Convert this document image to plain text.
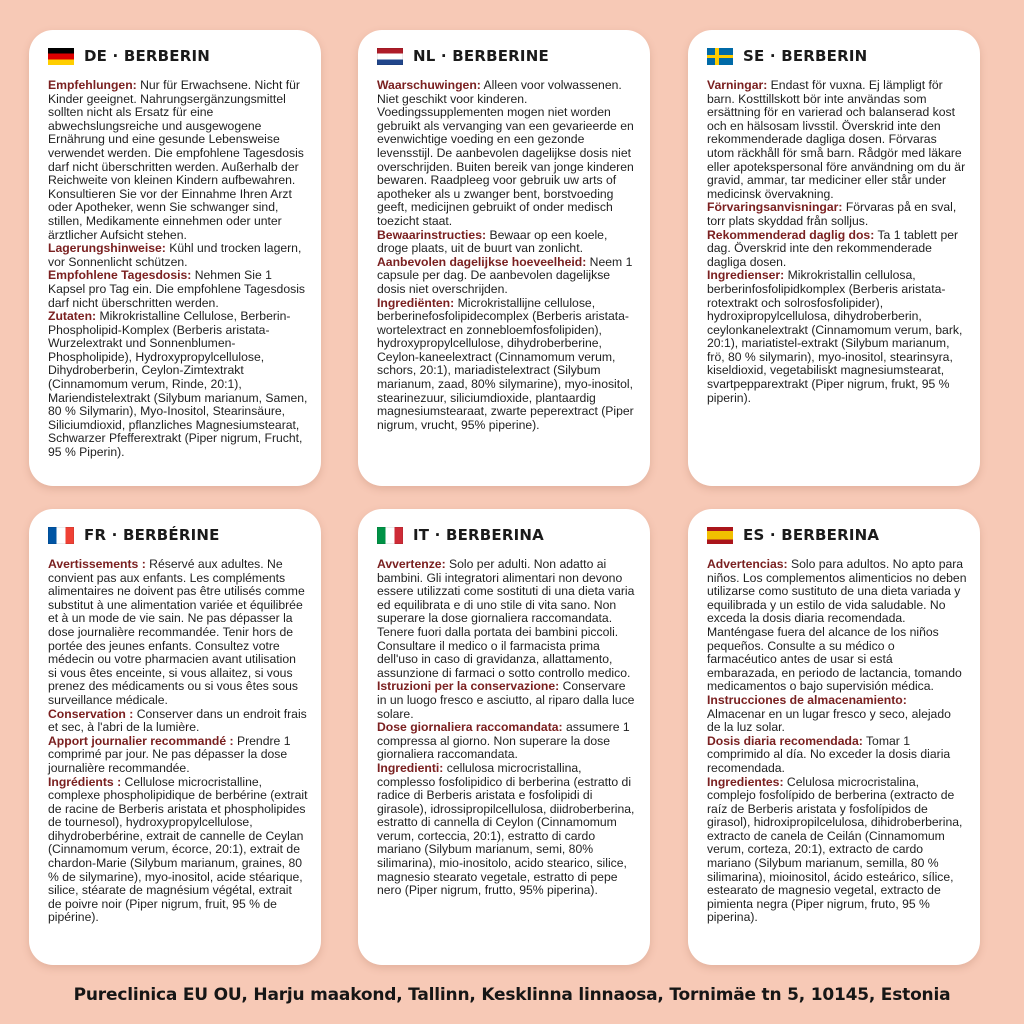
DE · BERBERIN
Empfehlungen: Nur für Erwachsene. Nicht für Kinder geeignet. Nahrungsergänzungsmittel sollten nicht als Ersatz für eine abwechslungsreiche und ausgewogene Ernährung und eine gesunde Lebensweise verwendet werden. Die empfohlene Tagesdosis darf nicht überschritten werden. Außerhalb der Reichweite von kleinen Kindern aufbewahren. Konsultieren Sie vor der Einnahme Ihren Arzt oder Apotheker, wenn Sie schwanger sind, stillen, Medikamente einnehmen oder unter ärztlicher Aufsicht stehen.
Lagerungshinweise: Kühl und trocken lagern, vor Sonnenlicht schützen.
Empfohlene Tagesdosis: Nehmen Sie 1 Kapsel pro Tag ein. Die empfohlene Tagesdosis darf nicht überschritten werden.
Zutaten: Mikrokristalline Cellulose, Berberin-Phospholipid-Komplex (Berberis aristata-Wurzelextrakt und Sonnenblumen-Phospholipide), Hydroxypropylcellulose, Dihydroberberin, Ceylon-Zimtextrakt (Cinnamomum verum, Rinde, 20:1), Mariendistelextrakt (Silybum marianum, Samen, 80 % Silymarin), Myo-Inositol, Stearinsäure, Siliciumdioxid, pflanzliches Magnesiumstearat, Schwarzer Pfefferextrakt (Piper nigrum, Frucht, 95 % Piperin).
NL · BERBERINE
Waarschuwingen: Alleen voor volwassenen. Niet geschikt voor kinderen. Voedingssupplementen mogen niet worden gebruikt als vervanging van een gevarieerde en evenwichtige voeding en een gezonde levensstijl. De aanbevolen dagelijkse dosis niet overschrijden. Buiten bereik van jonge kinderen bewaren. Raadpleeg voor gebruik uw arts of apotheker als u zwanger bent, borstvoeding geeft, medicijnen gebruikt of onder medisch toezicht staat.
Bewaarinstructies: Bewaar op een koele, droge plaats, uit de buurt van zonlicht.
Aanbevolen dagelijkse hoeveelheid: Neem 1 capsule per dag. De aanbevolen dagelijkse dosis niet overschrijden.
Ingrediënten: Microkristallijne cellulose, berberinefosfolipidecomplex (Berberis aristata-wortelextract en zonnebloemfosfolipiden), hydroxypropylcellulose, dihydroberberine, Ceylon-kaneelextract (Cinnamomum verum, schors, 20:1), mariadistelextract (Silybum marianum, zaad, 80% silymarine), myo-inositol, stearinezuur, siliciumdioxide, plantaardig magnesiumstearaat, zwarte peperextract (Piper nigrum, vrucht, 95% piperine).
SE · BERBERIN
Varningar: Endast för vuxna. Ej lämpligt för barn. Kosttillskott bör inte användas som ersättning för en varierad och balanserad kost och en hälsosam livsstil. Överskrid inte den rekommenderade dagliga dosen. Förvaras utom räckhåll för små barn. Rådgör med läkare eller apotekspersonal före användning om du är gravid, ammar, tar mediciner eller står under medicinsk övervakning.
Förvaringsanvisningar: Förvaras på en sval, torr plats skyddad från solljus.
Rekommenderad daglig dos: Ta 1 tablett per dag. Överskrid inte den rekommenderade dagliga dosen.
Ingredienser: Mikrokristallin cellulosa, berberinfosfolipidkomplex (Berberis aristata-rotextrakt och solrosfosfolipider), hydroxipropylcellulosa, dihydroberberin, ceylonkanelextrakt (Cinnamomum verum, bark, 20:1), mariatistel-extrakt (Silybum marianum, frö, 80 % silymarin), myo-inositol, stearinsyra, kiseldioxid, vegetabiliskt magnesiumstearat, svartpepparextrakt (Piper nigrum, frukt, 95 % piperin).
FR · BERBÉRINE
Avertissements : Réservé aux adultes. Ne convient pas aux enfants. Les compléments alimentaires ne doivent pas être utilisés comme substitut à une alimentation variée et équilibrée et à un mode de vie sain. Ne pas dépasser la dose journalière recommandée. Tenir hors de portée des jeunes enfants. Consultez votre médecin ou votre pharmacien avant utilisation si vous êtes enceinte, si vous allaitez, si vous prenez des médicaments ou si vous êtes sous surveillance médicale.
Conservation : Conserver dans un endroit frais et sec, à l'abri de la lumière.
Apport journalier recommandé : Prendre 1 comprimé par jour. Ne pas dépasser la dose journalière recommandée.
Ingrédients : Cellulose microcristalline, complexe phospholipidique de berbérine (extrait de racine de Berberis aristata et phospholipides de tournesol), hydroxypropylcellulose, dihydroberbérine, extrait de cannelle de Ceylan (Cinnamomum verum, écorce, 20:1), extrait de chardon-Marie (Silybum marianum, graines, 80 % de silymarine), myo-inositol, acide stéarique, silice, stéarate de magnésium végétal, extrait de poivre noir (Piper nigrum, fruit, 95 % de pipérine).
IT · BERBERINA
Avvertenze: Solo per adulti. Non adatto ai bambini. Gli integratori alimentari non devono essere utilizzati come sostituti di una dieta varia ed equilibrata e di uno stile di vita sano. Non superare la dose giornaliera raccomandata. Tenere fuori dalla portata dei bambini piccoli. Consultare il medico o il farmacista prima dell'uso in caso di gravidanza, allattamento, assunzione di farmaci o sotto controllo medico.
Istruzioni per la conservazione: Conservare in un luogo fresco e asciutto, al riparo dalla luce solare.
Dose giornaliera raccomandata: assumere 1 compressa al giorno. Non superare la dose giornaliera raccomandata.
Ingredienti: cellulosa microcristallina, complesso fosfolipidico di berberina (estratto di radice di Berberis aristata e fosfolipidi di girasole), idrossipropilcellulosa, diidroberberina, estratto di cannella di Ceylon (Cinnamomum verum, corteccia, 20:1), estratto di cardo mariano (Silybum marianum, semi, 80% silimarina), mio-inositolo, acido stearico, silice, magnesio stearato vegetale, estratto di pepe nero (Piper nigrum, frutto, 95% piperina).
ES · BERBERINA
Advertencias: Solo para adultos. No apto para niños. Los complementos alimenticios no deben utilizarse como sustituto de una dieta variada y equilibrada y un estilo de vida saludable. No exceda la dosis diaria recomendada. Manténgase fuera del alcance de los niños pequeños. Consulte a su médico o farmacéutico antes de usar si está embarazada, en periodo de lactancia, tomando medicamentos o bajo supervisión médica.
Instrucciones de almacenamiento: Almacenar en un lugar fresco y seco, alejado de la luz solar.
Dosis diaria recomendada: Tomar 1 comprimido al día. No exceder la dosis diaria recomendada.
Ingredientes: Celulosa microcristalina, complejo fosfolípido de berberina (extracto de raíz de Berberis aristata y fosfolípidos de girasol), hidroxipropilcelulosa, dihidroberberina, extracto de canela de Ceilán (Cinnamomum verum, corteza, 20:1), extracto de cardo mariano (Silybum marianum, semilla, 80 % silimarina), mioinositol, ácido esteárico, sílice, estearato de magnesio vegetal, extracto de pimienta negra (Piper nigrum, fruto, 95 % piperina).
Pureclinica EU OU, Harju maakond, Tallinn, Kesklinna linnaosa, Tornimäe tn 5, 10145, Estonia
